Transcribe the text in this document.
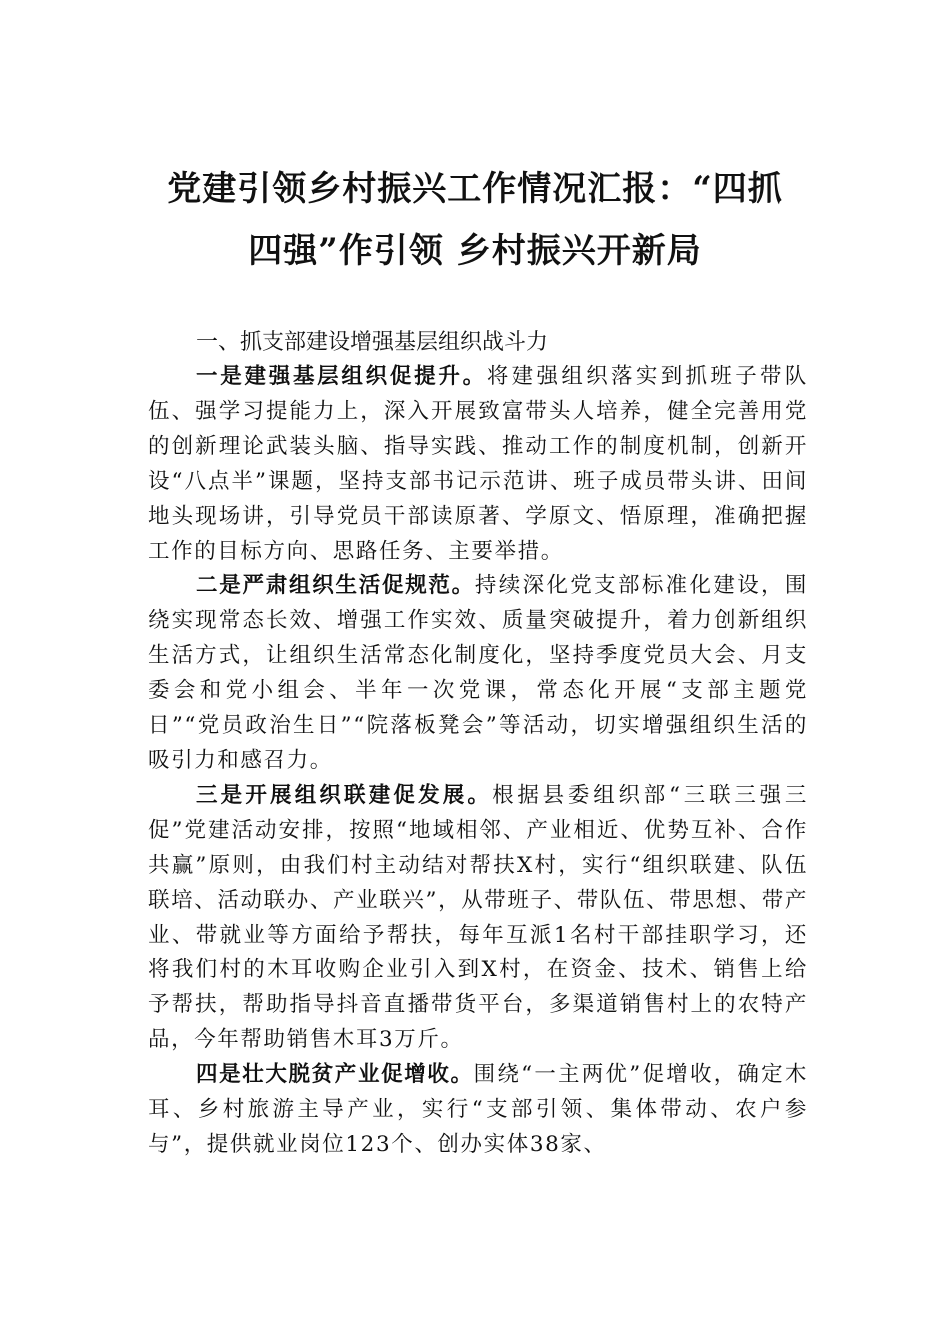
党建引领乡村振兴工作情况汇报：“四抓
四强”作引领 乡村振兴开新局

一、抓支部建设增强基层组织战斗力

一是建强基层组织促提升。将建强组织落实到抓班子带队伍、强学习提能力上，深入开展致富带头人培养，健全完善用党的创新理论武装头脑、指导实践、推动工作的制度机制，创新开设“八点半”课题，坚持支部书记示范讲、班子成员带头讲、田间地头现场讲，引导党员干部读原著、学原文、悟原理，准确把握工作的目标方向、思路任务、主要举措。

二是严肃组织生活促规范。持续深化党支部标准化建设，围绕实现常态长效、增强工作实效、质量突破提升，着力创新组织生活方式，让组织生活常态化制度化，坚持季度党员大会、月支委会和党小组会、半年一次党课，常态化开展“支部主题党日”“党员政治生日”“院落板凳会”等活动，切实增强组织生活的吸引力和感召力。

三是开展组织联建促发展。根据县委组织部“三联三强三促”党建活动安排，按照“地域相邻、产业相近、优势互补、合作共赢”原则，由我们村主动结对帮扶X村，实行“组织联建、队伍联培、活动联办、产业联兴”，从带班子、带队伍、带思想、带产业、带就业等方面给予帮扶，每年互派1名村干部挂职学习，还将我们村的木耳收购企业引入到X村，在资金、技术、销售上给予帮扶，帮助指导抖音直播带货平台，多渠道销售村上的农特产品，今年帮助销售木耳3万斤。

四是壮大脱贫产业促增收。围绕“一主两优”促增收，确定木耳、乡村旅游主导产业，实行“支部引领、集体带动、农户参与”，提供就业岗位123个、创办实体38家、
